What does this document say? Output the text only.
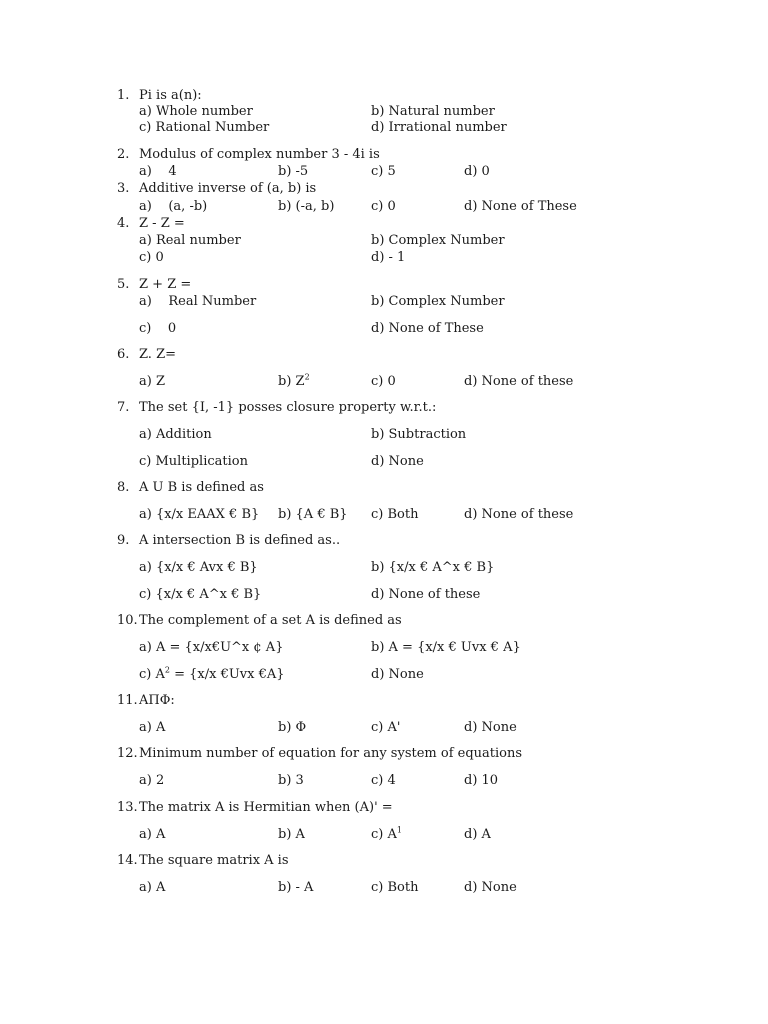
1. Pi is a(n):
a) Whole number	b) Natural number
c) Rational Number	d) Irrational number
2. Modulus of complex number 3 - 4i is
a)    4	b) -5	c) 5	d) 0
3. Additive inverse of (a, b) is
a)    (a, -b)	b) (-a, b)	c) 0	d) None of These
4. Z - Z =
a) Real number	b) Complex Number
c) 0	d) - 1
5. Z + Z =
a)    Real Number	b) Complex Number
c)    0	d) None of These
6. Z. Z=
a) Z	b) $Z^2$	c) 0	d) None of these
7. The set {I, -1} posses closure property w.r.t.:
a) Addition	b) Subtraction
c) Multiplication	d) None
8. A U B is defined as
a) {x/x EAAX € B} b) {A € B} c) Both	d) None of these
9. A intersection B is defined as..
a) {x/x € Avx € B}	b) {x/x € A^x € B}
c) {x/x € A^x € B}	d) None of these
10. The complement of a set A is defined as
a) A = {x/x€U^x ¢ A}	b) A = {x/x € Uvx € A}
c) $A^2 = \{x/x$ €Uvx €A}	d) None
11. AΠΦ:
a) A	b) Φ	c) A'	d) None
12. Minimum number of equation for any system of equations
a) 2	b) 3	c) 4	d) 10
13. The matrix A is Hermitian when (A)' =
a) A	b) A	c) $A^1$	d) A
14. The square matrix A is
a) A	b) - A	c) Both	d) None
